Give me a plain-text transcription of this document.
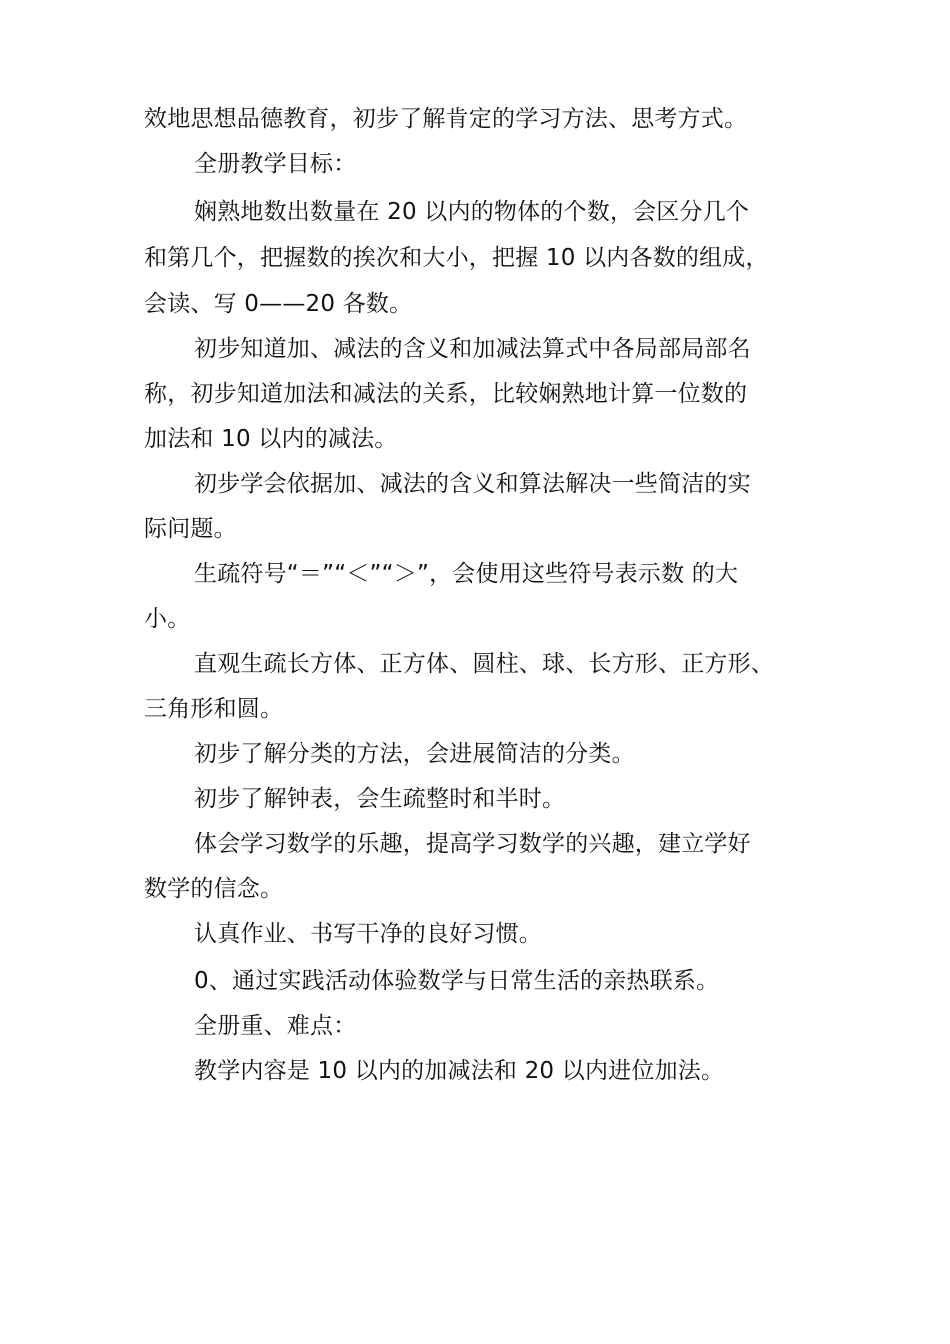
效地思想品德教育，初步了解肯定的学习方法、思考方式。
全册教学目标：
娴熟地数出数量在 20 以内的物体的个数，会区分几个
和第几个，把握数的挨次和大小，把握 10 以内各数的组成，
会读、写 0——20 各数。
初步知道加、减法的含义和加减法算式中各局部局部名
称，初步知道加法和减法的关系，比较娴熟地计算一位数的
加法和 10 以内的减法。
初步学会依据加、减法的含义和算法解决一些简洁的实
际问题。
生疏符号“＝”“＜”“＞”，会使用这些符号表示数 的大
小。
直观生疏长方体、正方体、圆柱、球、长方形、正方形、
三角形和圆。
初步了解分类的方法，会进展简洁的分类。
初步了解钟表，会生疏整时和半时。
体会学习数学的乐趣，提高学习数学的兴趣，建立学好
数学的信念。
认真作业、书写干净的良好习惯。
0、通过实践活动体验数学与日常生活的亲热联系。
全册重、难点：
教学内容是 10 以内的加减法和 20 以内进位加法。
